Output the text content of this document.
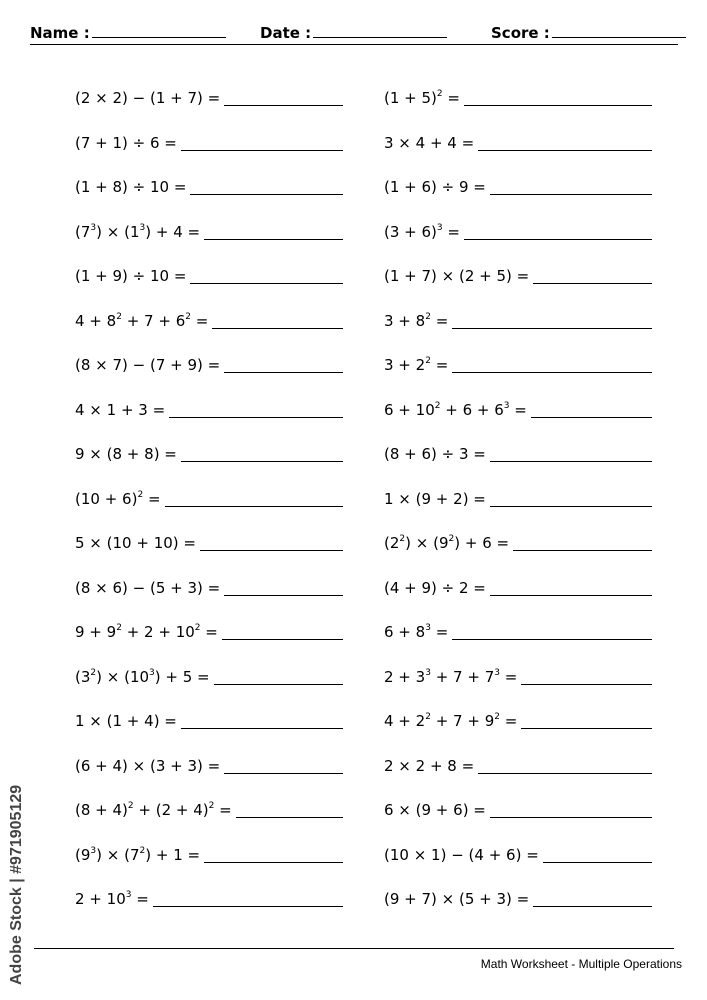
Name :	Date :	Score :
(2 × 2) − (1 + 7) =
(7 + 1) ÷ 6 =
(1 + 8) ÷ 10 =
$(7^3) \times (1^3) + 4$ =
(1 + 9) ÷ 10 =
$4 + 8^2 + 7 + 6^2$ =
(8 × 7) − (7 + 9) =
4 × 1 + 3 =
9 × (8 + 8) =
$(10 + 6)^2$ =
5 × (10 + 10) =
(8 × 6) − (5 + 3) =
$9 + 9^2 + 2 + 10^2$ =
$(3^2) \times (10^3) + 5$ =
1 × (1 + 4) =
(6 + 4) × (3 + 3) =
$(8 + 4)^2 + (2 + 4)^2$ =
$(9^3) \times (7^2) + 1$ =
$2 + 10^3$ =
$(1 + 5)^2$ =
3 × 4 + 4 =
(1 + 6) ÷ 9 =
$(3 + 6)^3$ =
(1 + 7) × (2 + 5) =
$3 + 8^2$ =
$3 + 2^2$ =
$6 + 10^2 + 6 + 6^3$ =
(8 + 6) ÷ 3 =
1 × (9 + 2) =
$(2^2) \times (9^2) + 6$ =
(4 + 9) ÷ 2 =
$6 + 8^3$ =
$2 + 3^3 + 7 + 7^3$ =
$4 + 2^2 + 7 + 9^2$ =
2 × 2 + 8 =
6 × (9 + 6) =
(10 × 1) − (4 + 6) =
(9 + 7) × (5 + 3) =
Math Worksheet - Multiple Operations
Adobe Stock | #971905129
